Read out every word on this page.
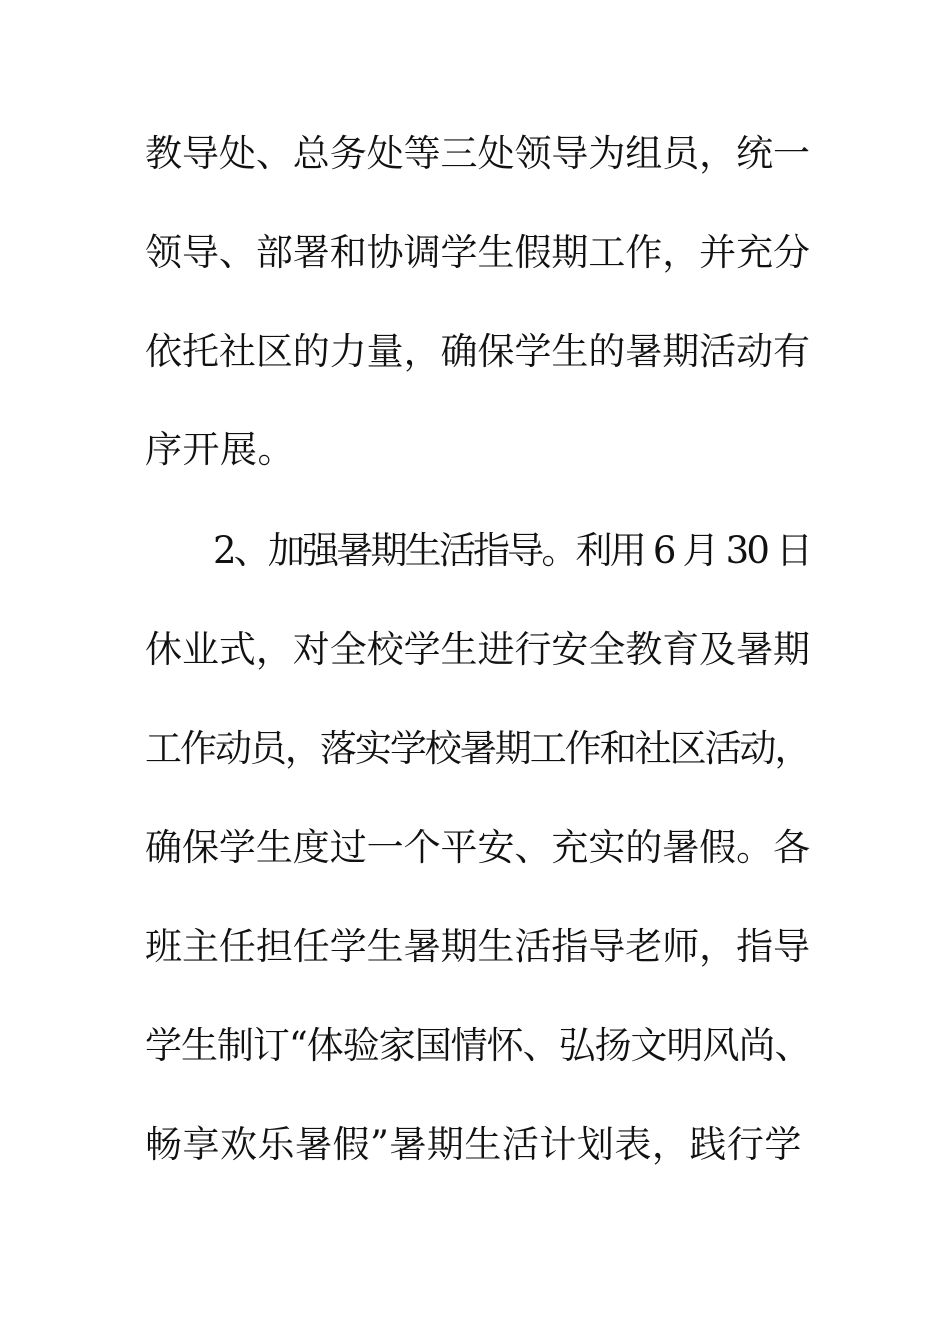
教导处、总务处等三处领导为组员，统一
领导、部署和协调学生假期工作，并充分
依托社区的力量，确保学生的暑期活动有
序开展。
2、加强暑期生活指导。利用 6 月 30 日
休业式，对全校学生进行安全教育及暑期
工作动员，落实学校暑期工作和社区活动，
确保学生度过一个平安、充实的暑假。各
班主任担任学生暑期生活指导老师，指导
学生制订“体验家国情怀、弘扬文明风尚、
畅享欢乐暑假”暑期生活计划表，践行学
